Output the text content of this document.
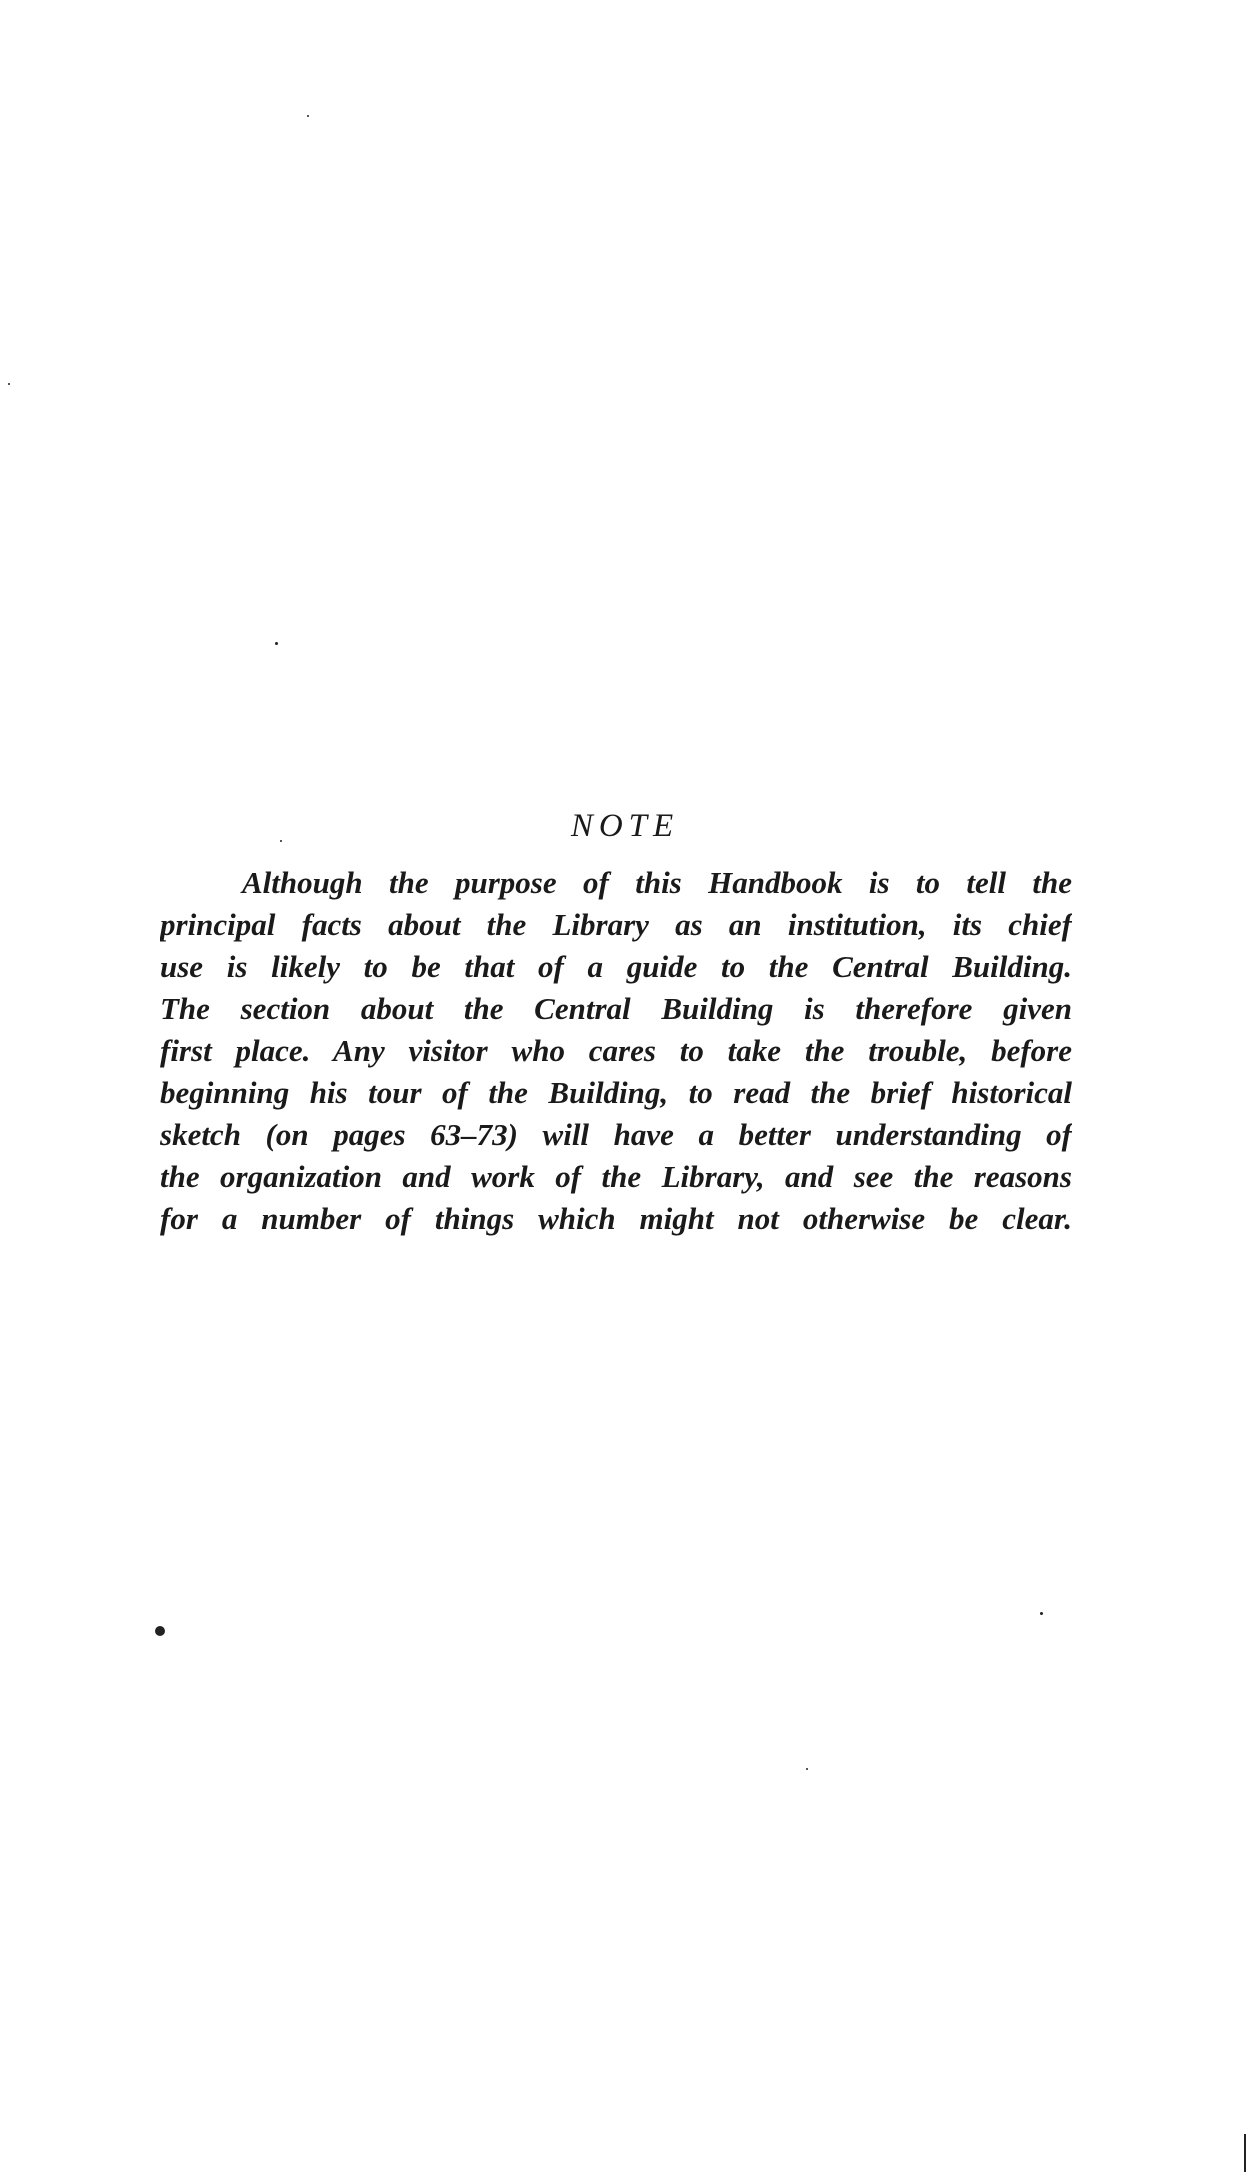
NOTE
Although the purpose of this Handbook is to tell the
principal facts about the Library as an institution, its chief
use is likely to be that of a guide to the Central Building.
The section about the Central Building is therefore given
first place. Any visitor who cares to take the trouble, before
beginning his tour of the Building, to read the brief historical
sketch (on pages 63–73) will have a better understanding of
the organization and work of the Library, and see the reasons
for a number of things which might not otherwise be clear.
